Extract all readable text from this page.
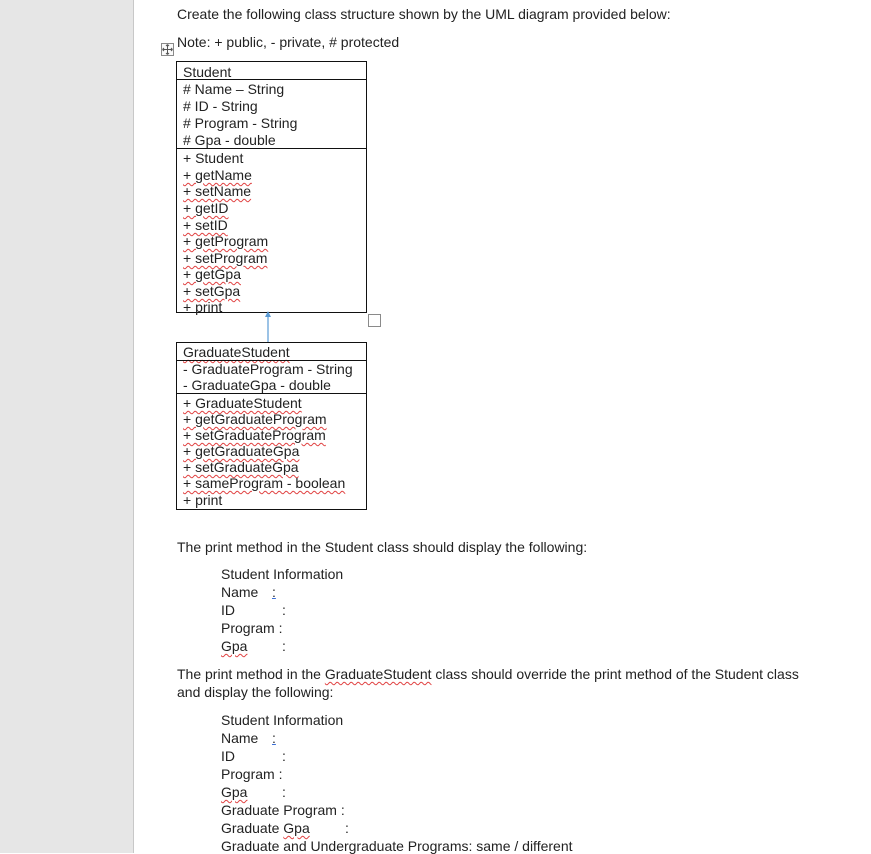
Create the following class structure shown by the UML diagram provided below:
Note: + public, - private, # protected
Student
# Name – String
# ID - String
# Program - String
# Gpa - double
+ Student
+ getName
+ setName
+ getID
+ setID
+ getProgram
+ setProgram
+ getGpa
+ setGpa
+ print
GraduateStudent
- GraduateProgram - String
- GraduateGpa - double
+ GraduateStudent
+ getGraduateProgram
+ setGraduateProgram
+ getGraduateGpa
+ setGraduateGpa
+ sameProgram - boolean
+ print
The print method in the Student class should display the following:
Student Information
Name :
ID	:
Program :
Gpa :
The print method in the GraduateStudent class should override the print method of the Student class
and display the following:
Student Information
Name :
ID	:
Program :
Gpa :
Graduate Program :
Graduate Gpa	:
Graduate and Undergraduate Programs: same / different
